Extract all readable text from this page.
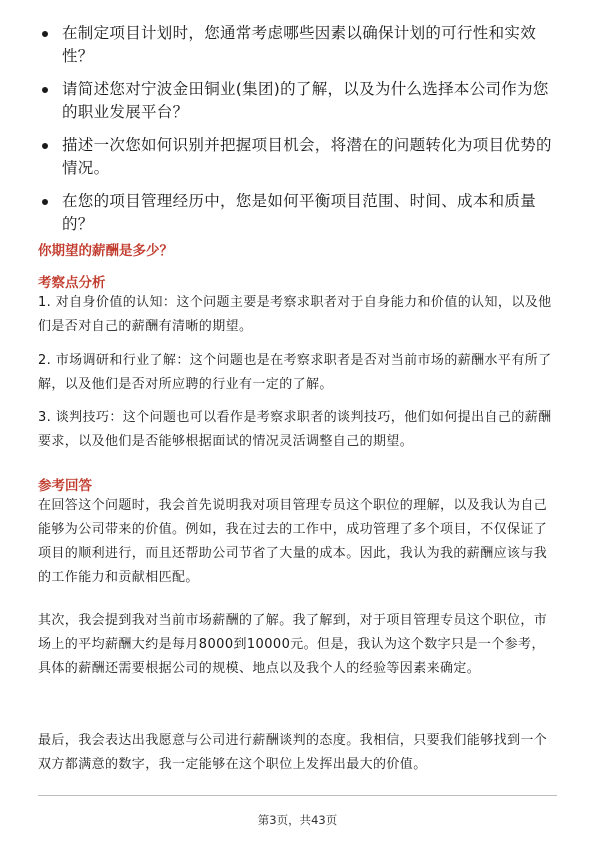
在制定项目计划时，您通常考虑哪些因素以确保计划的可行性和实效性？
请简述您对宁波金田铜业(集团)的了解，以及为什么选择本公司作为您的职业发展平台？
描述一次您如何识别并把握项目机会，将潜在的问题转化为项目优势的情况。
在您的项目管理经历中，您是如何平衡项目范围、时间、成本和质量的？
你期望的薪酬是多少？
考察点分析
1. 对自身价值的认知：这个问题主要是考察求职者对于自身能力和价值的认知，以及他们是否对自己的薪酬有清晰的期望。
2. 市场调研和行业了解：这个问题也是在考察求职者是否对当前市场的薪酬水平有所了解，以及他们是否对所应聘的行业有一定的了解。
3. 谈判技巧：这个问题也可以看作是考察求职者的谈判技巧，他们如何提出自己的薪酬要求，以及他们是否能够根据面试的情况灵活调整自己的期望。
参考回答
在回答这个问题时，我会首先说明我对项目管理专员这个职位的理解，以及我认为自己能够为公司带来的价值。例如，我在过去的工作中，成功管理了多个项目，不仅保证了项目的顺利进行，而且还帮助公司节省了大量的成本。因此，我认为我的薪酬应该与我的工作能力和贡献相匹配。
其次，我会提到我对当前市场薪酬的了解。我了解到，对于项目管理专员这个职位，市场上的平均薪酬大约是每月8000到10000元。但是，我认为这个数字只是一个参考，具体的薪酬还需要根据公司的规模、地点以及我个人的经验等因素来确定。
最后，我会表达出我愿意与公司进行薪酬谈判的态度。我相信，只要我们能够找到一个双方都满意的数字，我一定能够在这个职位上发挥出最大的价值。
第3页，共43页
